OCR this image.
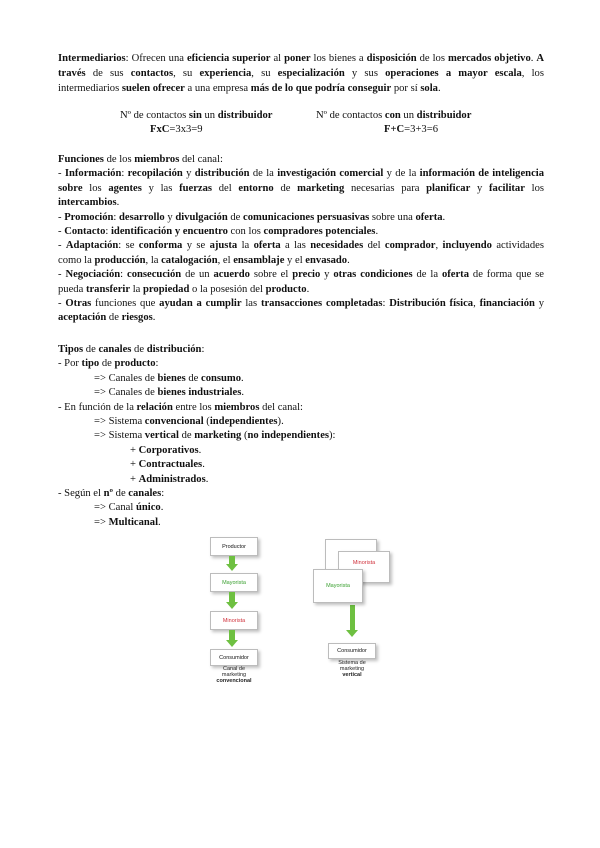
Intermediarios: Ofrecen una eficiencia superior al poner los bienes a disposición de los mercados objetivo. A través de sus contactos, su experiencia, su especialización y sus operaciones a mayor escala, los intermediarios suelen ofrecer a una empresa más de lo que podría conseguir por sí sola.

Nº de contactos sin un distribuidor
FxC=3x3=9
Nº de contactos con un distribuidor
F+C=3+3=6
Funciones de los miembros del canal:
- Información: recopilación y distribución de la investigación comercial y de la información de inteligencia sobre los agentes y las fuerzas del entorno de marketing necesarias para planificar y facilitar los intercambios.
- Promoción: desarrollo y divulgación de comunicaciones persuasivas sobre una oferta.
- Contacto: identificación y encuentro con los compradores potenciales.
- Adaptación: se conforma y se ajusta la oferta a las necesidades del comprador, incluyendo actividades como la producción, la catalogación, el ensamblaje y el envasado.
- Negociación: consecución de un acuerdo sobre el precio y otras condiciones de la oferta de forma que se pueda transferir la propiedad o la posesión del producto.
- Otras funciones que ayudan a cumplir las transacciones completadas: Distribución física, financiación y aceptación de riesgos.
Tipos de canales de distribución:
- Por tipo de producto:
=> Canales de bienes de consumo.
=> Canales de bienes industriales.
- En función de la relación entre los miembros del canal:
=> Sistema convencional (independientes).
=> Sistema vertical de marketing (no independientes):
+ Corporativos.
+ Contractuales.
+ Administrados.
- Según el nº de canales:
=> Canal único.
=> Multicanal.
Productor
Mayorista
Minorista
Consumidor
Canal de
marketing
convencional
Minorista
Mayorista
Consumidor
Sistema de
marketing
vertical
